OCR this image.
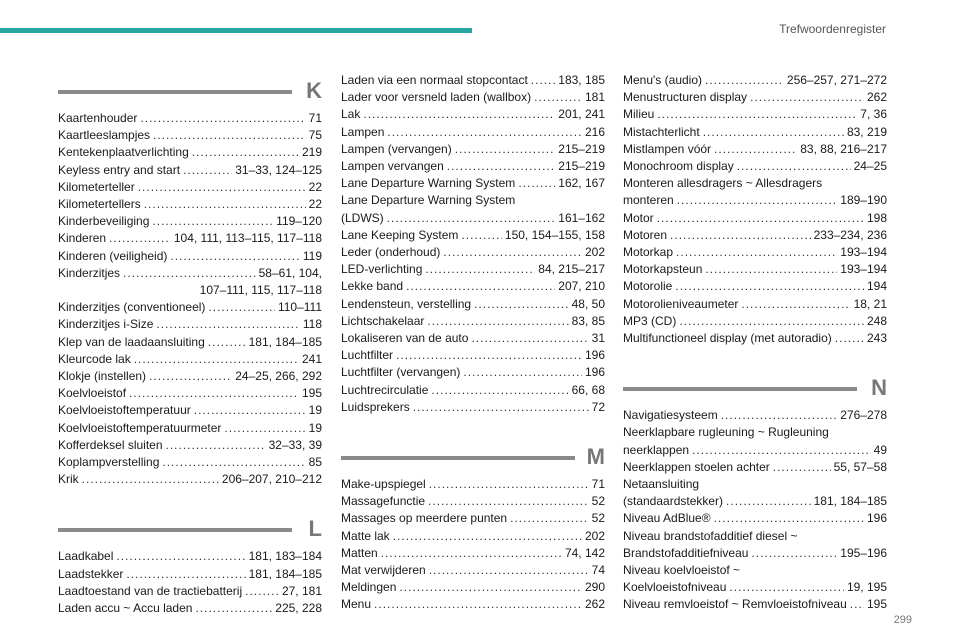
Trefwoordenregister
K
Kaartenhouder .....	71
Kaartleeslampjes .....	75
Kentekenplaatverlichting .....	219
Keyless entry and start .....	31–33, 124–125
Kilometerteller .....	22
Kilometertellers .....	22
Kinderbeveiliging .....	119–120
Kinderen .....	104, 111, 113–115, 117–118
Kinderen (veiligheid) .....	119
Kinderzitjes .....	58–61, 104,
107–111, 115, 117–118
Kinderzitjes (conventioneel) .....	110–111
Kinderzitjes i-Size .....	118
Klep van de laadaansluiting .....	181, 184–185
Kleurcode lak .....	241
Klokje (instellen) .....	24–25, 266, 292
Koelvloeistof .....	195
Koelvloeistoftemperatuur .....	19
Koelvloeistoftemperatuurmeter .....	19
Kofferdeksel sluiten .....	32–33, 39
Koplampverstelling .....	85
Krik .....	206–207, 210–212
L
Laadkabel .....	181, 183–184
Laadstekker .....	181, 184–185
Laadtoestand van de tractiebatterij .....	27, 181
Laden accu ~ Accu laden .....	225, 228
Laden via een normaal stopcontact .....	183, 185
Lader voor versneld laden (wallbox) .....	181
Lak .....	201, 241
Lampen .....	216
Lampen (vervangen) .....	215–219
Lampen vervangen .....	215–219
Lane Departure Warning System .....	162, 167
Lane Departure Warning System
(LDWS) .....	161–162
Lane Keeping System .....	150, 154–155, 158
Leder (onderhoud) .....	202
LED-verlichting .....	84, 215–217
Lekke band .....	207, 210
Lendensteun, verstelling .....	48, 50
Lichtschakelaar .....	83, 85
Lokaliseren van de auto .....	31
Luchtfilter .....	196
Luchtfilter (vervangen) .....	196
Luchtrecirculatie .....	66, 68
Luidsprekers .....	72
M
Make-upspiegel .....	71
Massagefunctie .....	52
Massages op meerdere punten .....	52
Matte lak .....	202
Matten .....	74, 142
Mat verwijderen .....	74
Meldingen .....	290
Menu .....	262
Menu's (audio) .....	256–257, 271–272
Menustructuren display .....	262
Milieu .....	7, 36
Mistachterlicht .....	83, 219
Mistlampen vóór .....	83, 88, 216–217
Monochroom display .....	24–25
Monteren allesdragers ~ Allesdragers
monteren .....	189–190
Motor .....	198
Motoren .....	233–234, 236
Motorkap .....	193–194
Motorkapsteun .....	193–194
Motorolie .....	194
Motorolieniveaumeter .....	18, 21
MP3 (CD) .....	248
Multifunctioneel display (met autoradio) .....	243
N
Navigatiesysteem .....	276–278
Neerklapbare rugleuning ~ Rugleuning
neerklappen .....	49
Neerklappen stoelen achter .....	55, 57–58
Netaansluiting
(standaardstekker) .....	181, 184–185
Niveau AdBlue® .....	196
Niveau brandstofadditief diesel ~
Brandstofadditiefniveau .....	195–196
Niveau koelvloeistof ~
Koelvloeistofniveau .....	19, 195
Niveau remvloeistof ~ Remvloeistofniveau ..... 195
299
